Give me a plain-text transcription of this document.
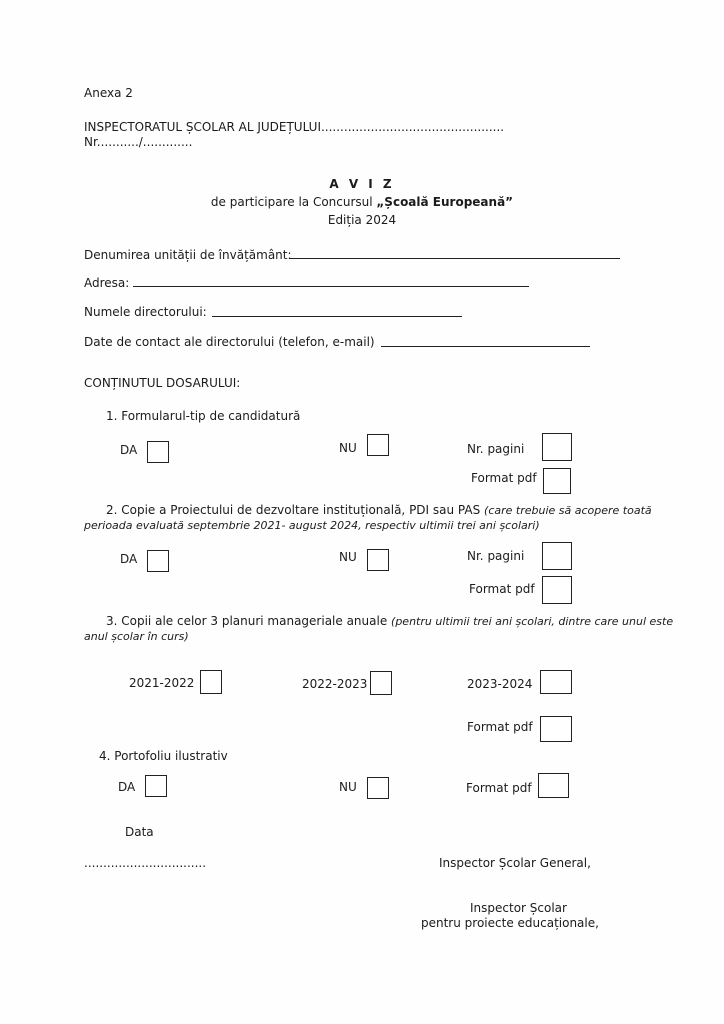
Anexa 2
INSPECTORATUL ȘCOLAR AL JUDEȚULUI................................................
Nr.........../.............
A V I Z
de participare la Concursul „Școală Europeană”
Ediția 2024
Denumirea unității de învățământ:
Adresa:
Numele directorului:
Date de contact ale directorului (telefon, e-mail)
CONȚINUTUL DOSARULUI:
1. Formularul-tip de candidatură
DA	NU	Nr. pagini
Format pdf
2. Copie a Proiectului de dezvoltare instituțională, PDI sau PAS (care trebuie să acopere toată
perioada evaluată septembrie 2021- august 2024, respectiv ultimii trei ani școlari)
DA	NU	Nr. pagini
Format pdf
3. Copii ale celor 3 planuri manageriale anuale (pentru ultimii trei ani școlari, dintre care unul este
anul școlar în curs)
2021-2022	2022-2023	2023-2024
Format pdf
4. Portofoliu ilustrativ
DA	NU	Format pdf
Data
................................	Inspector Școlar General,
Inspector Școlar
pentru proiecte educaționale,
